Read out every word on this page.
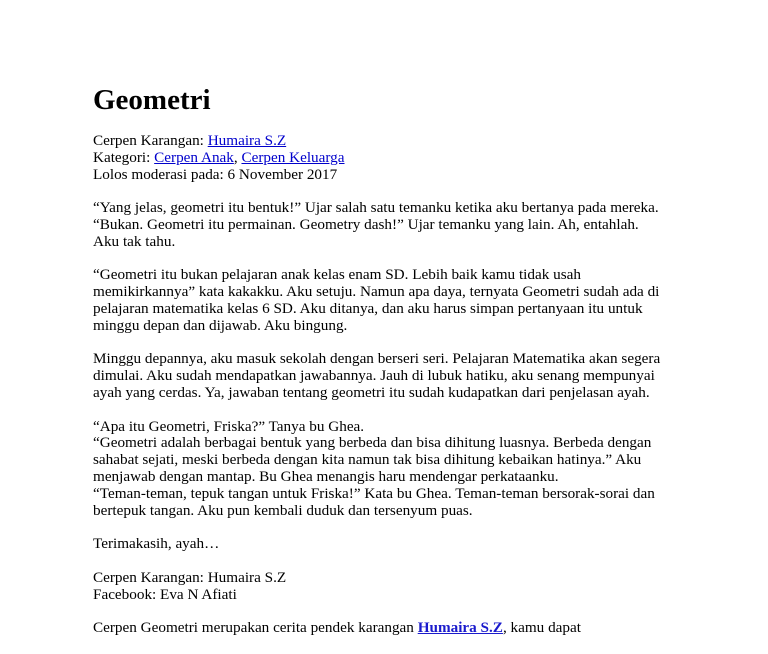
Geometri

Cerpen Karangan: Humaira S.Z
Kategori: Cerpen Anak, Cerpen Keluarga
Lolos moderasi pada: 6 November 2017

“Yang jelas, geometri itu bentuk!” Ujar salah satu temanku ketika aku bertanya pada mereka.
“Bukan. Geometri itu permainan. Geometry dash!” Ujar temanku yang lain. Ah, entahlah.
Aku tak tahu.

“Geometri itu bukan pelajaran anak kelas enam SD. Lebih baik kamu tidak usah
memikirkannya” kata kakakku. Aku setuju. Namun apa daya, ternyata Geometri sudah ada di
pelajaran matematika kelas 6 SD. Aku ditanya, dan aku harus simpan pertanyaan itu untuk
minggu depan dan dijawab. Aku bingung.

Minggu depannya, aku masuk sekolah dengan berseri seri. Pelajaran Matematika akan segera
dimulai. Aku sudah mendapatkan jawabannya. Jauh di lubuk hatiku, aku senang mempunyai
ayah yang cerdas. Ya, jawaban tentang geometri itu sudah kudapatkan dari penjelasan ayah.

“Apa itu Geometri, Friska?” Tanya bu Ghea.
“Geometri adalah berbagai bentuk yang berbeda dan bisa dihitung luasnya. Berbeda dengan
sahabat sejati, meski berbeda dengan kita namun tak bisa dihitung kebaikan hatinya.” Aku
menjawab dengan mantap. Bu Ghea menangis haru mendengar perkataanku.
“Teman-teman, tepuk tangan untuk Friska!” Kata bu Ghea. Teman-teman bersorak-sorai dan
bertepuk tangan. Aku pun kembali duduk dan tersenyum puas.

Terimakasih, ayah…

Cerpen Karangan: Humaira S.Z
Facebook: Eva N Afiati

Cerpen Geometri merupakan cerita pendek karangan Humaira S.Z, kamu dapat
